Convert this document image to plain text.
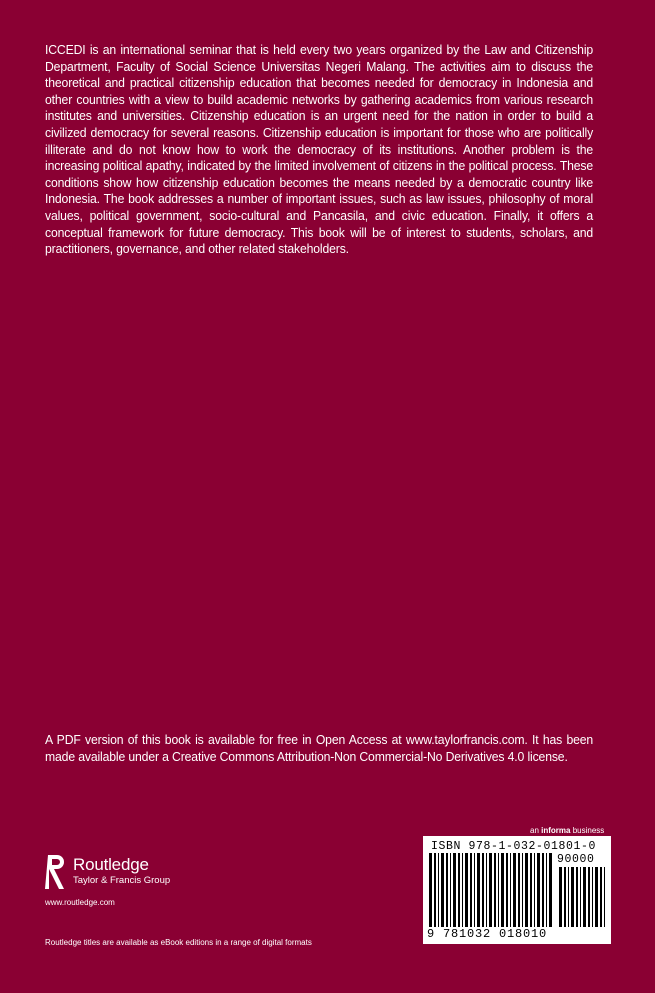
ICCEDI is an international seminar that is held every two years organized by the Law and Citizenship Department, Faculty of Social Science Universitas Negeri Malang. The activities aim to discuss the theoretical and practical citizenship education that becomes needed for democracy in Indonesia and other countries with a view to build academic networks by gathering academics from various research institutes and universities. Citizenship education is an urgent need for the nation in order to build a civilized democracy for several reasons. Citizenship education is important for those who are politically illiterate and do not know how to work the democracy of its institutions. Another problem is the increasing political apathy, indicated by the limited involvement of citizens in the political process. These conditions show how citizenship education becomes the means needed by a democratic country like Indonesia. The book addresses a number of important issues, such as law issues, philosophy of moral values, political government, socio-cultural and Pancasila, and civic education. Finally, it offers a conceptual framework for future democracy. This book will be of interest to students, scholars, and practitioners, governance, and other related stakeholders.
A PDF version of this book is available for free in Open Access at www.taylorfrancis.com. It has been made available under a Creative Commons Attribution-Non Commercial-No Derivatives 4.0 license.
Routledge
Taylor & Francis Group
www.routledge.com
Routledge titles are available as eBook editions in a range of digital formats
an informa business
ISBN 978-1-032-01801-0
90000
9 781032 018010
